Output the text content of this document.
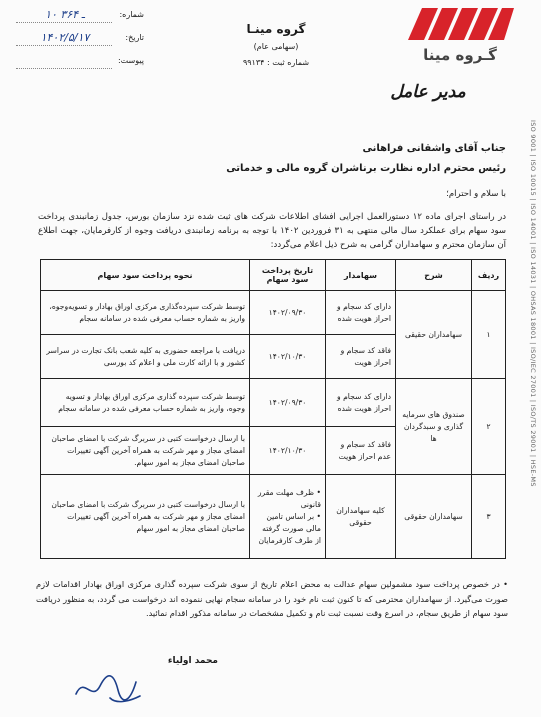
گـروه مینا
گروه مینـا
(سهامی عام)
شماره ثبت : ۹۹۱۳۴
شماره:
۱۰ ـ ۳۶۴
تاریخ:
۱۴۰۲/۵/۱۷
پیوست:
مدیر عامل
ISO 9001 | ISO 10015 | ISO 14001 | ISO 14031 | OHSAS 18001 | ISO/IEC 27001 | ISO/TS 29001 | HSE-MS
جناب آقای واشقانی فراهانی
رئیس محترم اداره نظارت برناشران گروه مالی و خدماتی
با سلام و احترام؛
در راستای اجرای ماده ۱۲ دستورالعمل اجرایی افشای اطلاعات شرکت های ثبت شده نزد سازمان بورس، جدول زمانبندی پرداخت سود سهام برای عملکرد سال مالی منتهی به ۳۱ فروردین ۱۴۰۲ با توجه به برنامه زمانبندی دریافت وجوه از کارفرمایان، جهت اطلاع آن سازمان محترم و سهامداران گرامی به شرح ذیل اعلام می‌گردد:
ردیف	شرح	سهامدار	تاریخ پرداخت سود سهام	نحوه پرداخت سود سهام
۱	سهامداران حقیقی	دارای کد سجام و احراز هویت شده	۱۴۰۲/۰۹/۳۰	توسط شرکت سپرده‌گذاری مرکزی اوراق بهادار و تسویه‌وجوه، واریز به شماره حساب معرفی شده در سامانه سجام
		فاقد کد سجام و احراز هویت	۱۴۰۲/۱۰/۳۰	دریافت با مراجعه حضوری به کلیه شعب بانک تجارت در سراسر کشور و با ارائه کارت ملی و اعلام کد بورسی
۲	صندوق های سرمایه گذاری و سبدگردان ها	دارای کد سجام و احراز هویت شده	۱۴۰۲/۰۹/۳۰	توسط شرکت سپرده گذاری مرکزی اوراق بهادار و تسویه وجوه، واریز به شماره حساب معرفی شده در سامانه سجام
		فاقد کد سجام و عدم احراز هویت	۱۴۰۲/۱۰/۳۰	با ارسال درخواست کتبی در سربرگ شرکت با امضای صاحبان امضای مجاز و مهر شرکت به همراه آخرین آگهی تغییرات صاحبان امضای مجاز به امور سهام.
۳	سهامداران حقوقی	کلیه سهامداران حقوقی	• ظرف مهلت مقرر قانونی
• بر اساس تامین مالی صورت گرفته از طرف کارفرمایان	با ارسال درخواست کتبی در سربرگ شرکت با امضای صاحبان امضای مجاز و مهر شرکت به همراه آخرین آگهی تغییرات صاحبان امضای مجاز به امور سهام
• در خصوص پرداخت سود مشمولین سهام عدالت به محض اعلام تاریخ از سوی شرکت سپرده گذاری مرکزی اوراق بهادار اقدامات لازم صورت می‌گیرد. از سهامداران محترمی که تا کنون ثبت نام خود را در سامانه سجام نهایی ننموده اند درخواست می گردد، به منظور دریافت سود سهام از طریق سجام، در اسرع وقت نسبت ثبت نام و تکمیل مشخصات در سامانه مذکور اقدام نمائید.
محمد اولیاء
